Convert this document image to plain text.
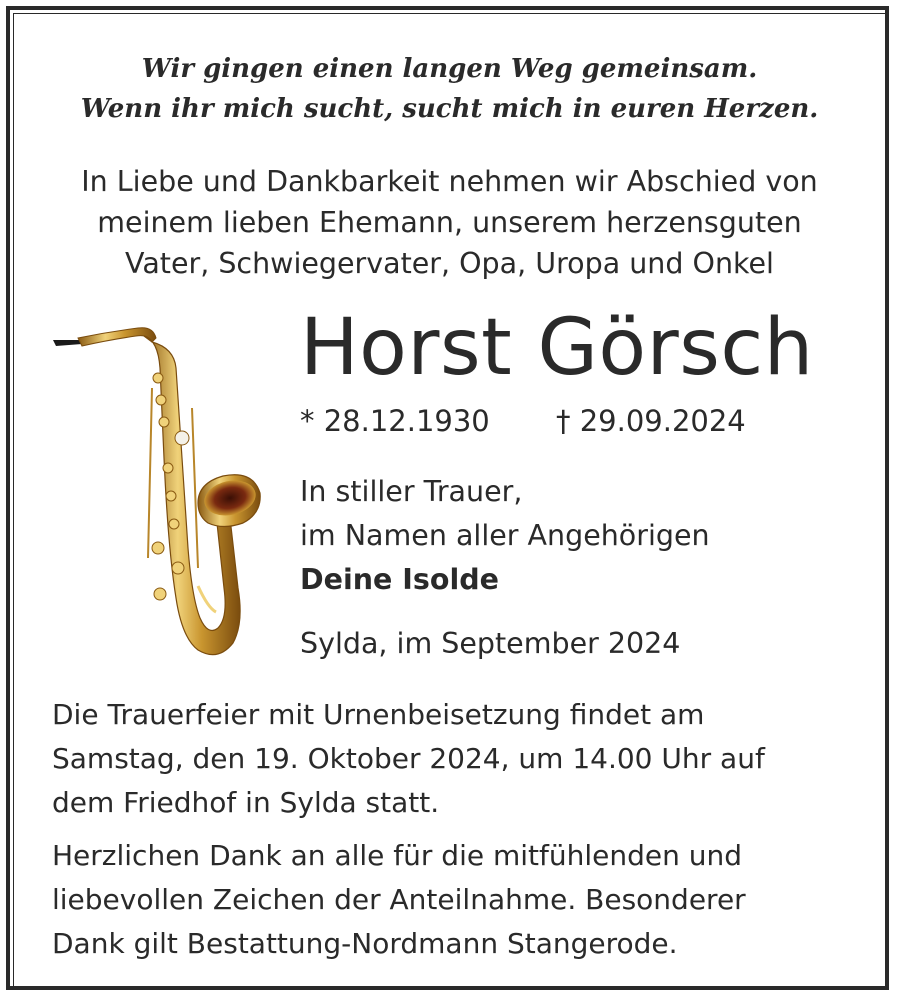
Wir gingen einen langen Weg gemeinsam.
Wenn ihr mich sucht, sucht mich in euren Herzen.
In Liebe und Dankbarkeit nehmen wir Abschied von
meinem lieben Ehemann, unserem herzensguten
Vater, Schwiegervater, Opa, Uropa und Onkel
Horst Görsch
* 28.12.1930 † 29.09.2024
In stiller Trauer,
im Namen aller Angehörigen
Deine Isolde
Sylda, im September 2024
Die Trauerfeier mit Urnenbeisetzung findet am
Samstag, den 19. Oktober 2024, um 14.00 Uhr auf
dem Friedhof in Sylda statt.
Herzlichen Dank an alle für die mitfühlenden und
liebevollen Zeichen der Anteilnahme. Besonderer
Dank gilt Bestattung-Nordmann Stangerode.
